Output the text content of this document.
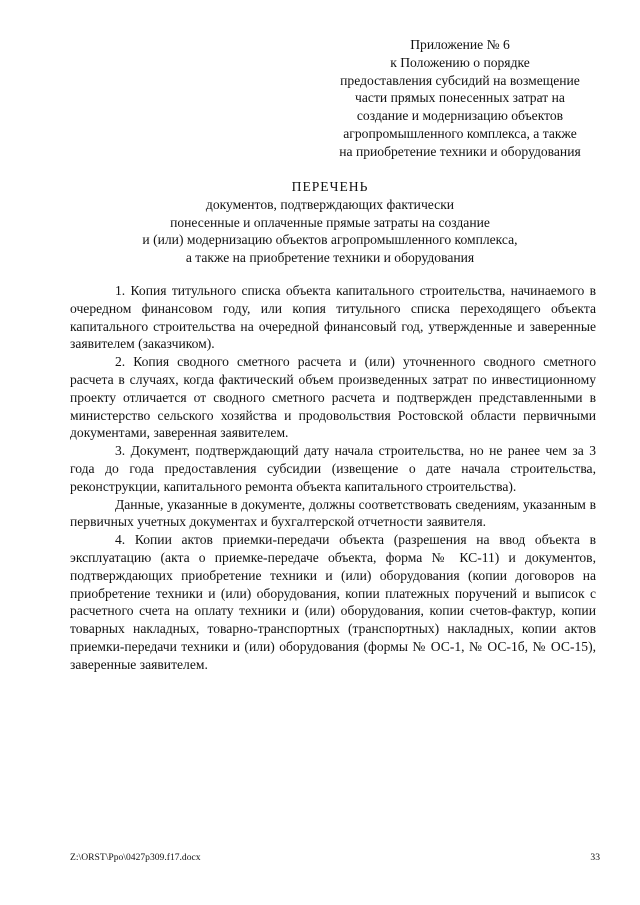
Приложение № 6
к Положению о порядке
предоставления субсидий на возмещение
части прямых понесенных затрат на
создание и модернизацию объектов
агропромышленного комплекса, а также
на приобретение техники и оборудования
ПЕРЕЧЕНЬ
документов, подтверждающих фактически
понесенные и оплаченные прямые затраты на создание
и (или) модернизацию объектов агропромышленного комплекса,
а также на приобретение техники и оборудования

1. Копия титульного списка объекта капитального строительства, начинаемого в очередном финансовом году, или копия титульного списка переходящего объекта капитального строительства на очередной финансовый год, утвержденные и заверенные заявителем (заказчиком).

2. Копия сводного сметного расчета и (или) уточненного сводного сметного расчета в случаях, когда фактический объем произведенных затрат по инвестиционному проекту отличается от сводного сметного расчета и подтвержден представленными в министерство сельского хозяйства и продовольствия Ростовской области первичными документами, заверенная заявителем.

3. Документ, подтверждающий дату начала строительства, но не ранее чем за 3 года до года предоставления субсидии (извещение о дате начала строительства, реконструкции, капитального ремонта объекта капитального строительства).

Данные, указанные в документе, должны соответствовать сведениям, указанным в первичных учетных документах и бухгалтерской отчетности заявителя.

4. Копии актов приемки-передачи объекта (разрешения на ввод объекта в эксплуатацию (акта о приемке-передаче объекта, форма № КС-11) и документов, подтверждающих приобретение техники и (или) оборудования (копии договоров на приобретение техники и (или) оборудования, копии платежных поручений и выписок с расчетного счета на оплату техники и (или) оборудования, копии счетов-фактур, копии товарных накладных, товарно-транспортных (транспортных) накладных, копии актов приемки-передачи техники и (или) оборудования (формы № ОС-1, № ОС-1б, № ОС-15), заверенные заявителем.

Z:\ORST\Ppo\0427p309.f17.docx	33
